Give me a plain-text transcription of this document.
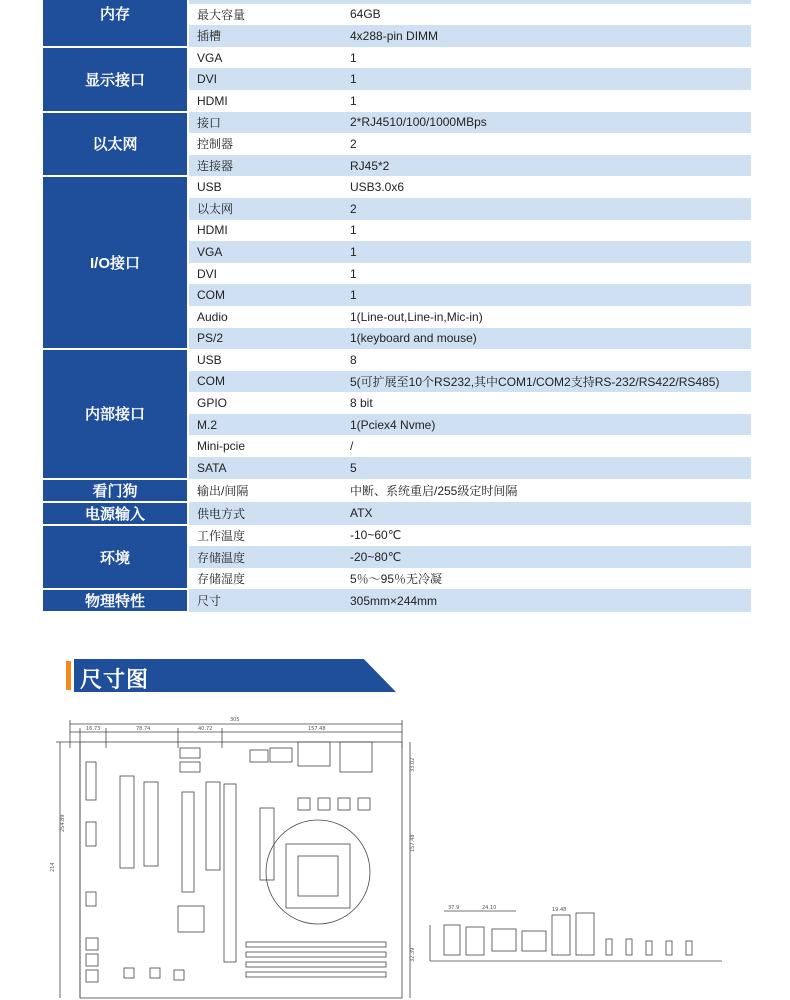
内存		
	最大容量	64GB
	插槽	4x288-pin DIMM
显示接口	VGA	1
	DVI	1
	HDMI	1
以太网	接口	2*RJ4510/100/1000MBps
	控制器	2
	连接器	RJ45*2
I/O接口	USB	USB3.0x6
	以太网	2
	HDMI	1
	VGA	1
	DVI	1
	COM	1
	Audio	1(Line-out,Line-in,Mic-in)
	PS/2	1(keyboard and mouse)
内部接口	USB	8
	COM	5(可扩展至10个RS232,其中COM1/COM2支持RS-232/RS422/RS485)
	GPIO	8 bit
	M.2	1(Pciex4 Nvme)
	Mini-pcie	/
	SATA	5
看门狗	输出/间隔	中断、系统重启/255级定时间隔
电源输入	供电方式	ATX
环境	工作温度	-10~60℃
	存储温度	-20~80℃
	存储湿度	5％～95％无冷凝
物理特性	尺寸	305mm×244mm
尺寸图
16.73	78.74	40.72	157.48
305
254.89
214
33.02
157.48
32.39
37.9	24.10	19.48
